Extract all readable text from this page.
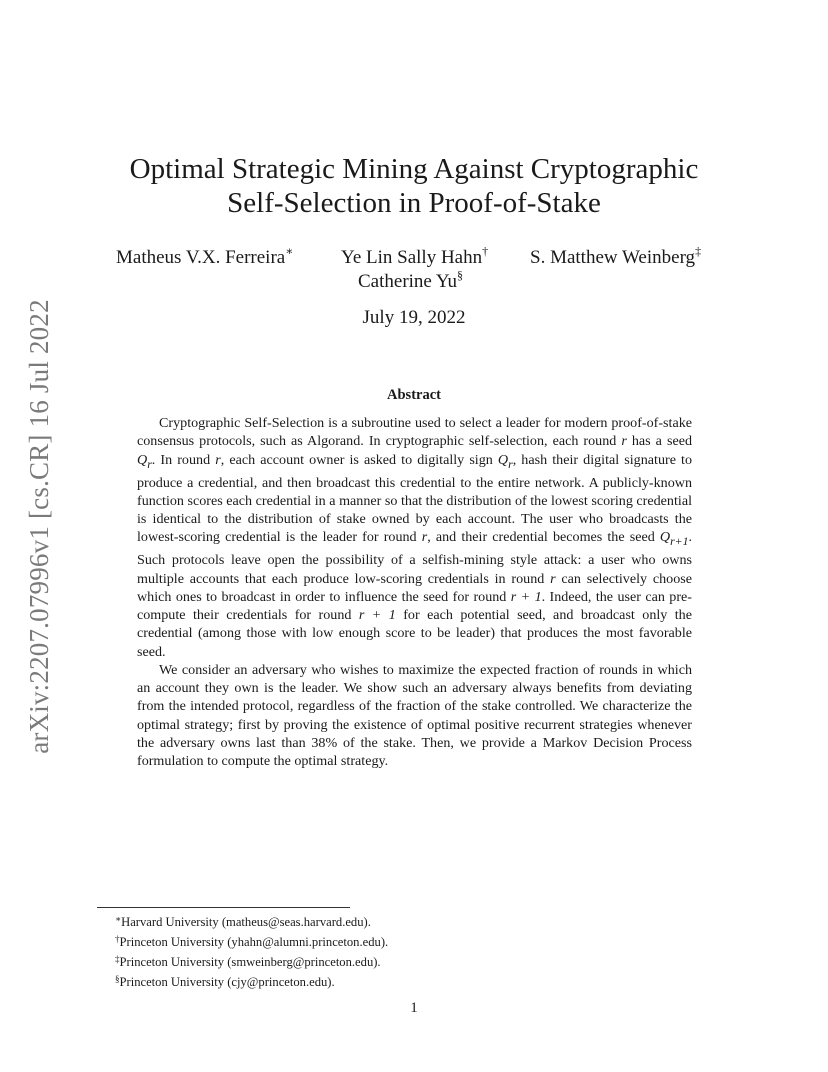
arXiv:2207.07996v1 [cs.CR] 16 Jul 2022
Optimal Strategic Mining Against Cryptographic
Self-Selection in Proof-of-Stake
Matheus V.X. Ferreira∗	Ye Lin Sally Hahn† S. Matthew Weinberg‡
Catherine Yu§
July 19, 2022
Abstract

Cryptographic Self-Selection is a subroutine used to select a leader for modern proof-of-stake consensus protocols, such as Algorand. In cryptographic self-selection, each round r has a seed $Q_r$. In round r, each account owner is asked to digitally sign $Q_r$, hash their digital signature to produce a credential, and then broadcast this credential to the entire network. A publicly-known function scores each credential in a manner so that the distribution of the lowest scoring credential is identical to the distribution of stake owned by each account. The user who broadcasts the lowest-scoring credential is the leader for round r, and their credential becomes the seed $Q_{r+1}$. Such protocols leave open the possibility of a selfish-mining style attack: a user who owns multiple accounts that each produce low-scoring credentials in round r can selectively choose which ones to broadcast in order to influence the seed for round r + 1. Indeed, the user can pre-compute their credentials for round r + 1 for each potential seed, and broadcast only the credential (among those with low enough score to be leader) that produces the most favorable seed.

We consider an adversary who wishes to maximize the expected fraction of rounds in which an account they own is the leader. We show such an adversary always benefits from deviating from the intended protocol, regardless of the fraction of the stake controlled. We characterize the optimal strategy; first by proving the existence of optimal positive recurrent strategies whenever the adversary owns last than 38% of the stake. Then, we provide a Markov Decision Process formulation to compute the optimal strategy.

∗Harvard University (matheus@seas.harvard.edu).
†Princeton University (yhahn@alumni.princeton.edu).
‡Princeton University (smweinberg@princeton.edu).
§Princeton University (cjy@princeton.edu).
1
